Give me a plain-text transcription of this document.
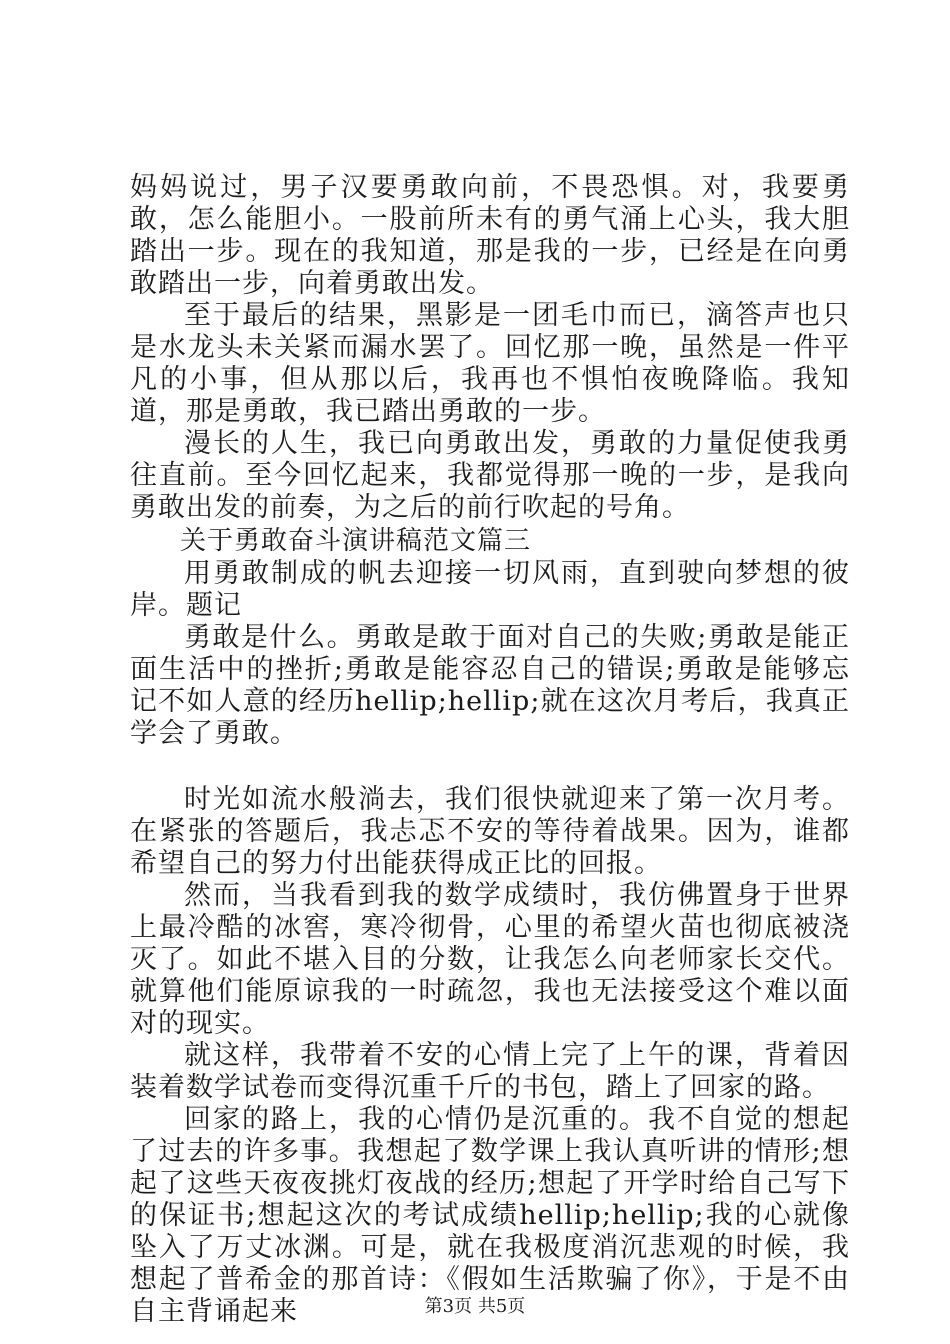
妈妈说过，男子汉要勇敢向前，不畏恐惧。对，我要勇敢，怎么能胆小。一股前所未有的勇气涌上心头，我大胆踏出一步。现在的我知道，那是我的一步，已经是在向勇敢踏出一步，向着勇敢出发。

至于最后的结果，黑影是一团毛巾而已，滴答声也只是水龙头未关紧而漏水罢了。回忆那一晚，虽然是一件平凡的小事，但从那以后，我再也不惧怕夜晚降临。我知道，那是勇敢，我已踏出勇敢的一步。

漫长的人生，我已向勇敢出发，勇敢的力量促使我勇往直前。至今回忆起来，我都觉得那一晚的一步，是我向勇敢出发的前奏，为之后的前行吹起的号角。

关于勇敢奋斗演讲稿范文篇三

用勇敢制成的帆去迎接一切风雨，直到驶向梦想的彼岸。题记

勇敢是什么。勇敢是敢于面对自己的失败;勇敢是能正面生活中的挫折;勇敢是能容忍自己的错误;勇敢是能够忘记不如人意的经历hellip;hellip;就在这次月考后，我真正学会了勇敢。

时光如流水般淌去，我们很快就迎来了第一次月考。在紧张的答题后，我忐忑不安的等待着战果。因为，谁都希望自己的努力付出能获得成正比的回报。

然而，当我看到我的数学成绩时，我仿佛置身于世界上最冷酷的冰窖，寒冷彻骨，心里的希望火苗也彻底被浇灭了。如此不堪入目的分数，让我怎么向老师家长交代。就算他们能原谅我的一时疏忽，我也无法接受这个难以面对的现实。

就这样，我带着不安的心情上完了上午的课，背着因装着数学试卷而变得沉重千斤的书包，踏上了回家的路。

回家的路上，我的心情仍是沉重的。我不自觉的想起了过去的许多事。我想起了数学课上我认真听讲的情形;想起了这些天夜夜挑灯夜战的经历;想起了开学时给自己写下的保证书;想起这次的考试成绩hellip;hellip;我的心就像坠入了万丈冰渊。可是，就在我极度消沉悲观的时候，我想起了普希金的那首诗：《假如生活欺骗了你》，于是不由自主背诵起来	第3页 共5页
